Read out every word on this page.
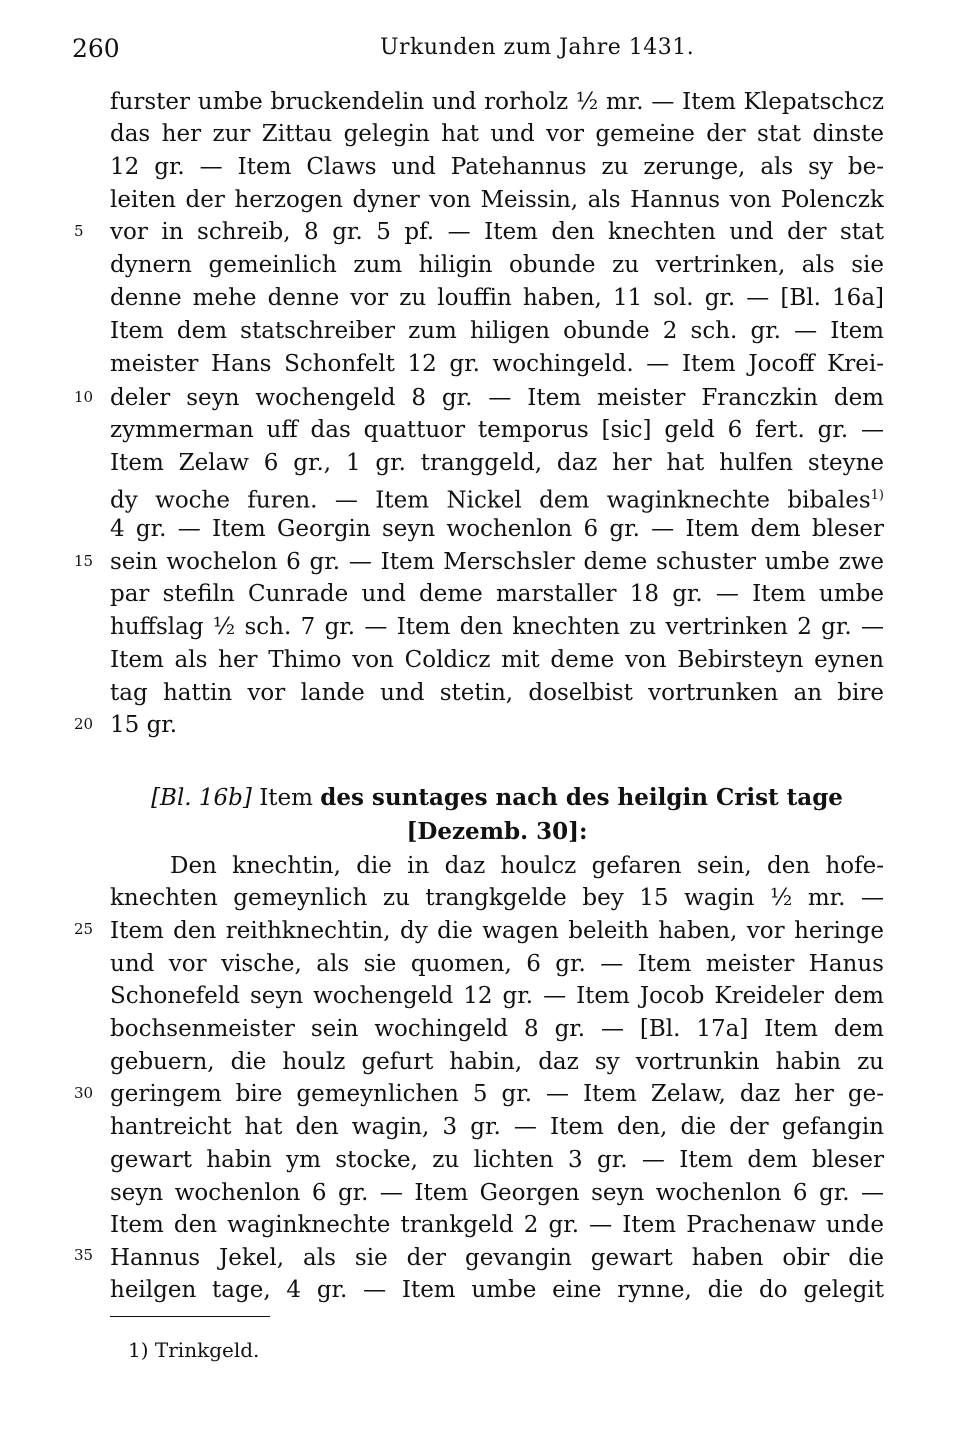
260	Urkunden zum Jahre 1431.
5
10
15
20
25
30
35
furster umbe bruckendelin und rorholz ½ mr. — Item Klepatschcz
das her zur Zittau gelegin hat und vor gemeine der stat dinste
12 gr. — Item Claws und Patehannus zu zerunge, als sy be-
leiten der herzogen dyner von Meissin, als Hannus von Polenczk
vor in schreib, 8 gr. 5 pf. — Item den knechten und der stat
dynern gemeinlich zum hiligin obunde zu vertrinken, als sie
denne mehe denne vor zu louffin haben, 11 sol. gr. — [Bl. 16a]
Item dem statschreiber zum hiligen obunde 2 sch. gr. — Item
meister Hans Schonfelt 12 gr. wochingeld. — Item Jocoff Krei-
deler seyn wochengeld 8 gr. — Item meister Franczkin dem
zymmerman uff das quattuor temporus [sic] geld 6 fert. gr. —
Item Zelaw 6 gr., 1 gr. tranggeld, daz her hat hulfen steyne
dy woche furen. — Item Nickel dem waginknechte bibales$^{1)}$
4 gr. — Item Georgin seyn wochenlon 6 gr. — Item dem bleser
sein wochelon 6 gr. — Item Merschsler deme schuster umbe zwe
par stefiln Cunrade und deme marstaller 18 gr. — Item umbe
huffslag ½ sch. 7 gr. — Item den knechten zu vertrinken 2 gr. —
Item als her Thimo von Coldicz mit deme von Bebirsteyn eynen
tag hattin vor lande und stetin, doselbist vortrunken an bire
15 gr.
[Bl. 16b] Item des suntages nach des heilgin Crist tage
[Dezemb. 30]:
Den knechtin, die in daz houlcz gefaren sein, den hofe-
knechten gemeynlich zu trangkgelde bey 15 wagin ½ mr. —
Item den reithknechtin, dy die wagen beleith haben, vor heringe
und vor vische, als sie quomen, 6 gr. — Item meister Hanus
Schonefeld seyn wochengeld 12 gr. — Item Jocob Kreideler dem
bochsenmeister sein wochingeld 8 gr. — [Bl. 17a] Item dem
gebuern, die houlz gefurt habin, daz sy vortrunkin habin zu
geringem bire gemeynlichen 5 gr. — Item Zelaw, daz her ge-
hantreicht hat den wagin, 3 gr. — Item den, die der gefangin
gewart habin ym stocke, zu lichten 3 gr. — Item dem bleser
seyn wochenlon 6 gr. — Item Georgen seyn wochenlon 6 gr. —
Item den waginknechte trankgeld 2 gr. — Item Prachenaw unde
Hannus Jekel, als sie der gevangin gewart haben obir die
heilgen tage, 4 gr. — Item umbe eine rynne, die do gelegit
1) Trinkgeld.
